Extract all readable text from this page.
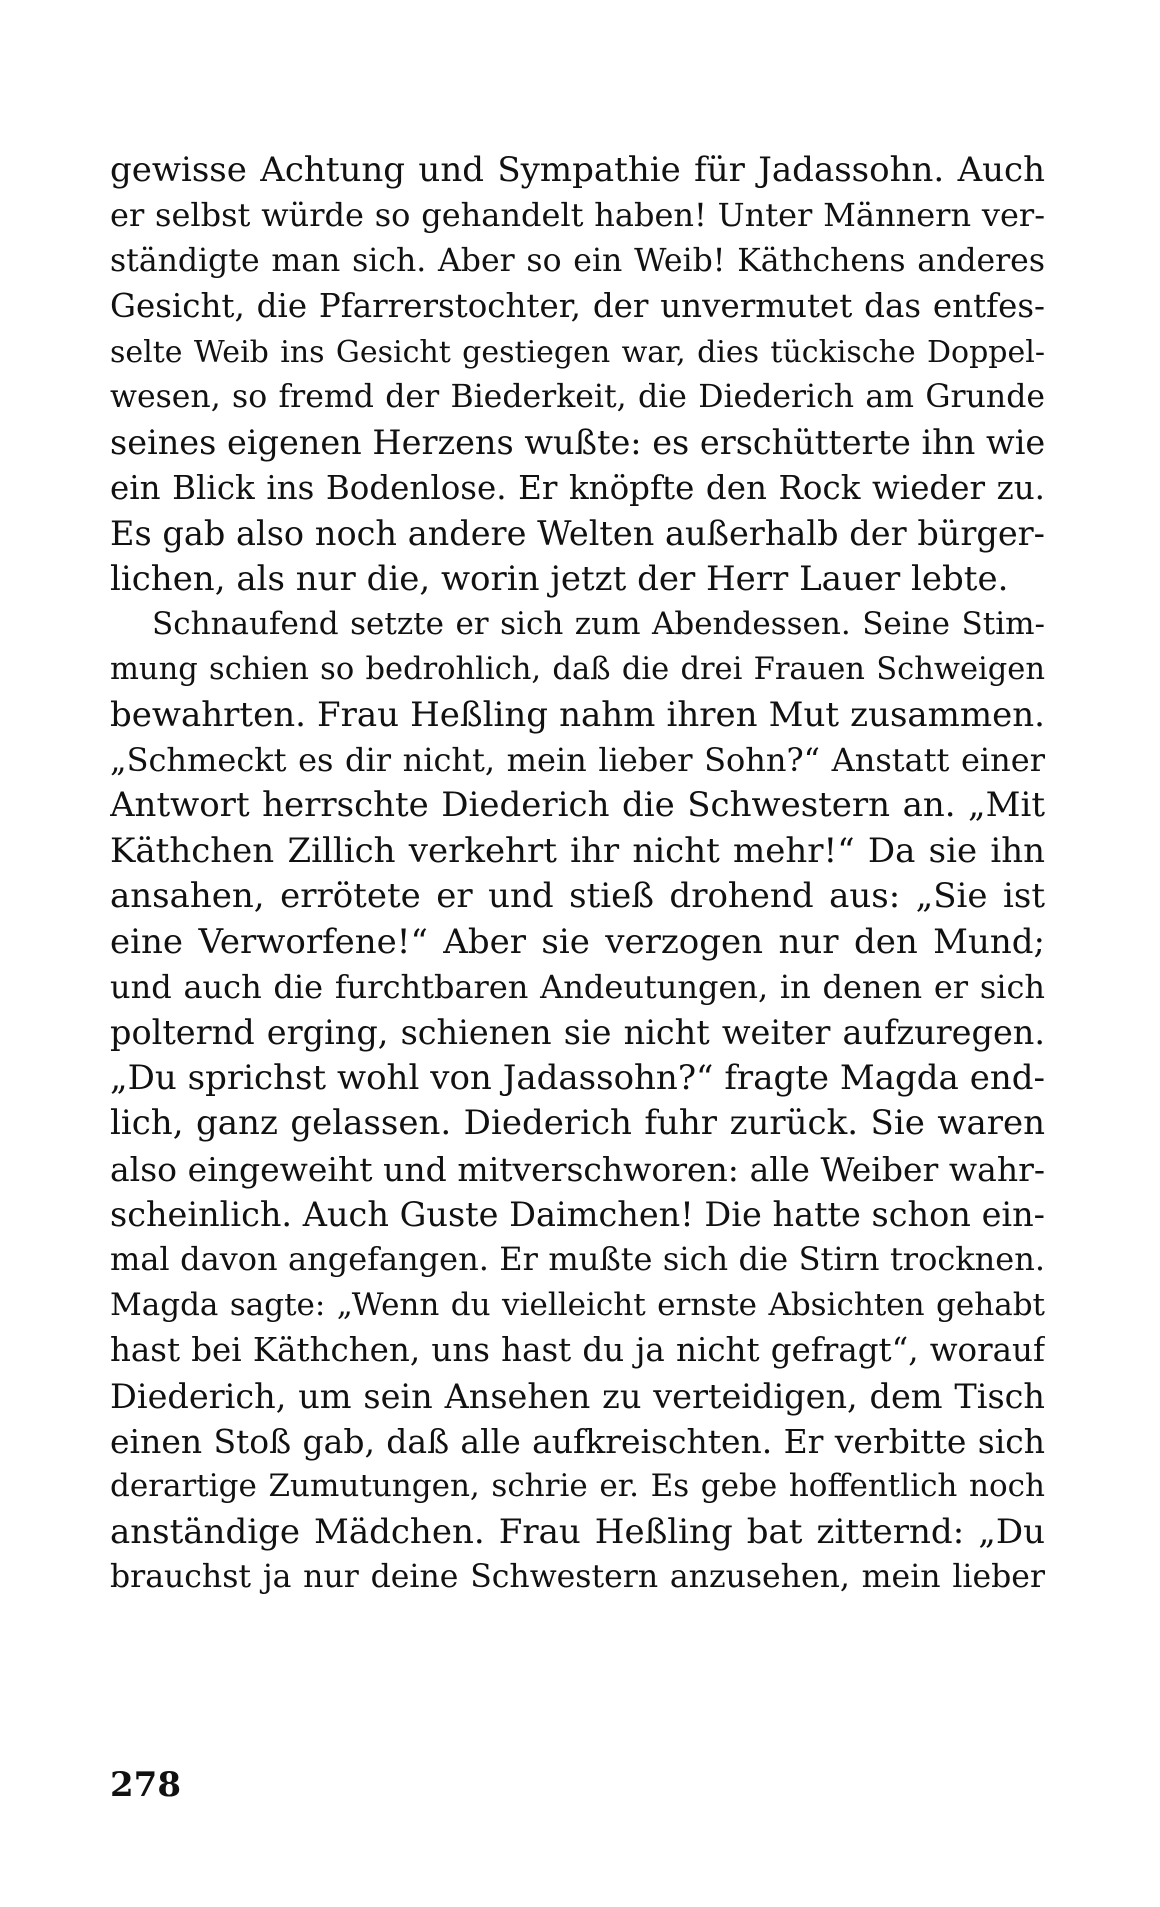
gewisse Achtung und Sympathie für Jadassohn. Auch
er selbst würde so gehandelt haben! Unter Männern ver-
ständigte man sich. Aber so ein Weib! Käthchens anderes
Gesicht, die Pfarrerstochter, der unvermutet das entfes-
selte Weib ins Gesicht gestiegen war, dies tückische Doppel-
wesen, so fremd der Biederkeit, die Diederich am Grunde
seines eigenen Herzens wußte: es erschütterte ihn wie
ein Blick ins Bodenlose. Er knöpfte den Rock wieder zu.
Es gab also noch andere Welten außerhalb der bürger-
lichen, als nur die, worin jetzt der Herr Lauer lebte.
Schnaufend setzte er sich zum Abendessen. Seine Stim-
mung schien so bedrohlich, daß die drei Frauen Schweigen
bewahrten. Frau Heßling nahm ihren Mut zusammen.
„Schmeckt es dir nicht, mein lieber Sohn?“ Anstatt einer
Antwort herrschte Diederich die Schwestern an. „Mit
Käthchen Zillich verkehrt ihr nicht mehr!“ Da sie ihn
ansahen, errötete er und stieß drohend aus: „Sie ist
eine Verworfene!“ Aber sie verzogen nur den Mund;
und auch die furchtbaren Andeutungen, in denen er sich
polternd erging, schienen sie nicht weiter aufzuregen.
„Du sprichst wohl von Jadassohn?“ fragte Magda end-
lich, ganz gelassen. Diederich fuhr zurück. Sie waren
also eingeweiht und mitverschworen: alle Weiber wahr-
scheinlich. Auch Guste Daimchen! Die hatte schon ein-
mal davon angefangen. Er mußte sich die Stirn trocknen.
Magda sagte: „Wenn du vielleicht ernste Absichten gehabt
hast bei Käthchen, uns hast du ja nicht gefragt“, worauf
Diederich, um sein Ansehen zu verteidigen, dem Tisch
einen Stoß gab, daß alle aufkreischten. Er verbitte sich
derartige Zumutungen, schrie er. Es gebe hoffentlich noch
anständige Mädchen. Frau Heßling bat zitternd: „Du
brauchst ja nur deine Schwestern anzusehen, mein lieber
278
